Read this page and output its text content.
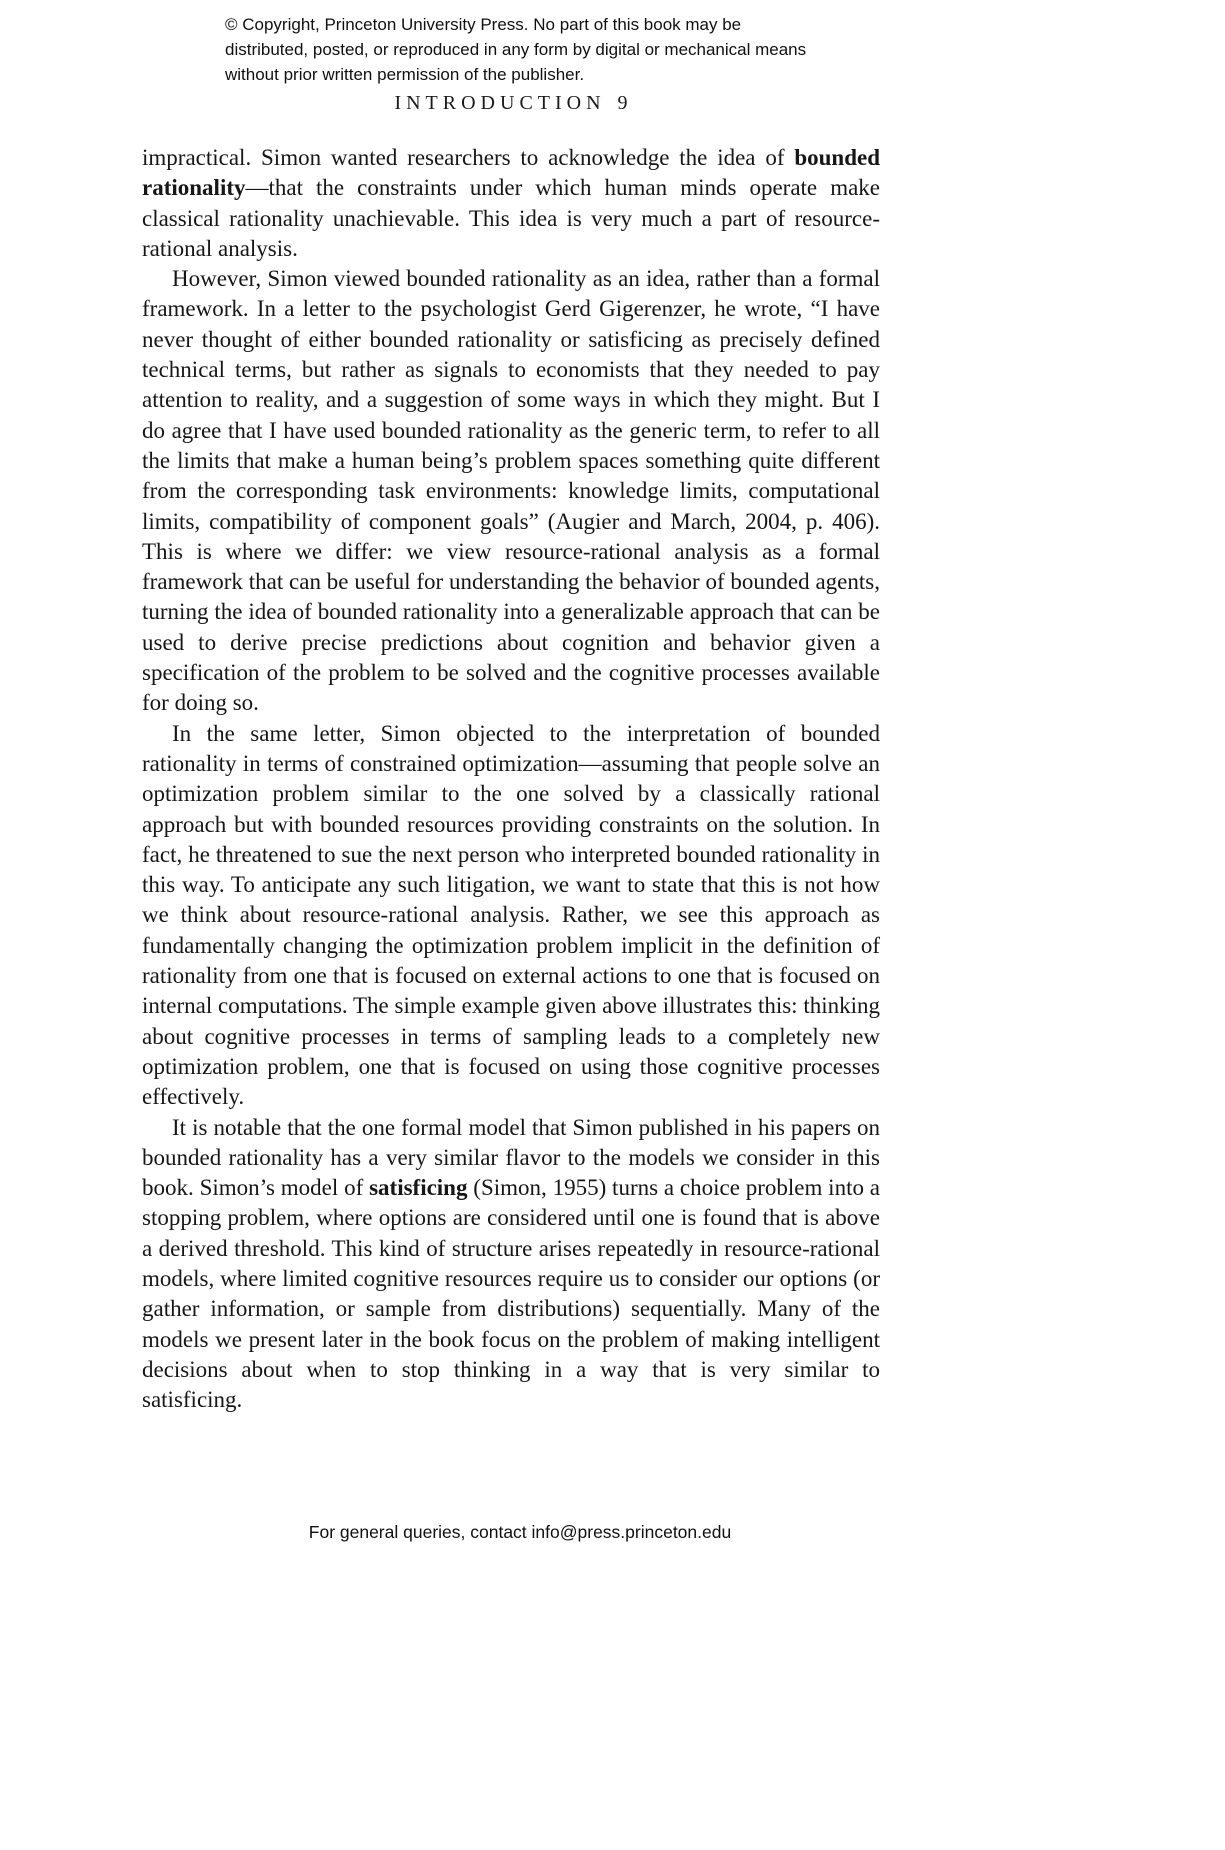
© Copyright, Princeton University Press. No part of this book may be distributed, posted, or reproduced in any form by digital or mechanical means without prior written permission of the publisher.
INTRODUCTION 9

impractical. Simon wanted researchers to acknowledge the idea of bounded rationality—that the constraints under which human minds operate make classical rationality unachievable. This idea is very much a part of resource-rational analysis.

However, Simon viewed bounded rationality as an idea, rather than a formal framework. In a letter to the psychologist Gerd Gigerenzer, he wrote, “I have never thought of either bounded rationality or satisficing as precisely defined technical terms, but rather as signals to economists that they needed to pay attention to reality, and a suggestion of some ways in which they might. But I do agree that I have used bounded rationality as the generic term, to refer to all the limits that make a human being’s problem spaces something quite different from the corresponding task environments: knowledge limits, computational limits, compatibility of component goals” (Augier and March, 2004, p. 406). This is where we differ: we view resource-rational analysis as a formal framework that can be useful for understanding the behavior of bounded agents, turning the idea of bounded rationality into a generalizable approach that can be used to derive precise predictions about cognition and behavior given a specification of the problem to be solved and the cognitive processes available for doing so.

In the same letter, Simon objected to the interpretation of bounded rationality in terms of constrained optimization—assuming that people solve an optimization problem similar to the one solved by a classically rational approach but with bounded resources providing constraints on the solution. In fact, he threatened to sue the next person who interpreted bounded rationality in this way. To anticipate any such litigation, we want to state that this is not how we think about resource-rational analysis. Rather, we see this approach as fundamentally changing the optimization problem implicit in the definition of rationality from one that is focused on external actions to one that is focused on internal computations. The simple example given above illustrates this: thinking about cognitive processes in terms of sampling leads to a completely new optimization problem, one that is focused on using those cognitive processes effectively.

It is notable that the one formal model that Simon published in his papers on bounded rationality has a very similar flavor to the models we consider in this book. Simon’s model of satisficing (Simon, 1955) turns a choice problem into a stopping problem, where options are considered until one is found that is above a derived threshold. This kind of structure arises repeatedly in resource-rational models, where limited cognitive resources require us to consider our options (or gather information, or sample from distributions) sequentially. Many of the models we present later in the book focus on the problem of making intelligent decisions about when to stop thinking in a way that is very similar to satisficing.

For general queries, contact info@press.princeton.edu
